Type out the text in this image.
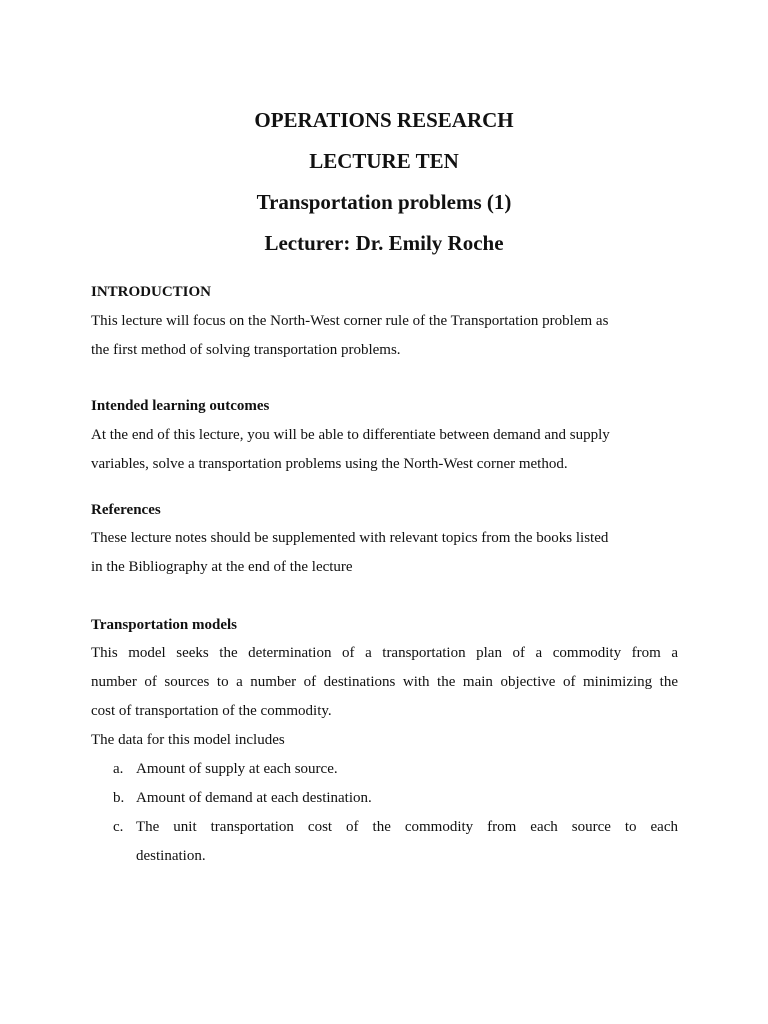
OPERATIONS RESEARCH
LECTURE TEN
Transportation problems (1)
Lecturer: Dr. Emily Roche
INTRODUCTION
This lecture will focus on the North-West corner rule of the Transportation problem as
the first method of solving transportation problems.
Intended learning outcomes
At the end of this lecture, you will be able to differentiate between demand and supply
variables, solve a transportation problems using the North-West corner method.
References
These lecture notes should be supplemented with relevant topics from the books listed
in the Bibliography at the end of the lecture
Transportation models
This model seeks the determination of a transportation plan of a commodity from a
number of sources to a number of destinations with the main objective of minimizing the
cost of transportation of the commodity.
The data for this model includes
a. Amount of supply at each source.
b. Amount of demand at each destination.
c. The unit transportation cost of the commodity from each source to each
destination.
